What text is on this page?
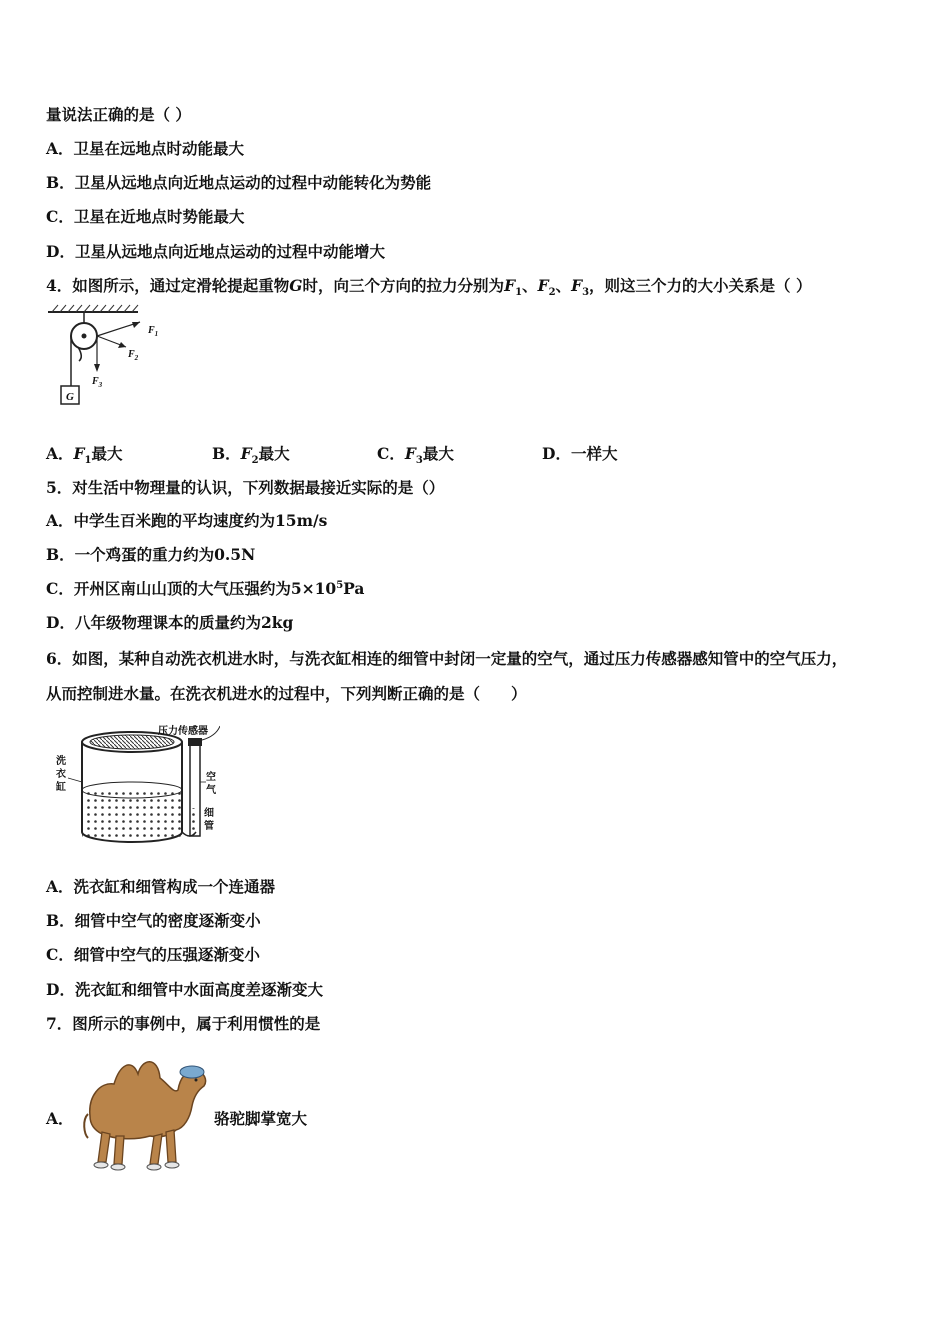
量说法正确的是（ ）
A．卫星在远地点时动能最大
B．卫星从远地点向近地点运动的过程中动能转化为势能
C．卫星在近地点时势能最大
D．卫星从远地点向近地点运动的过程中动能增大
4．如图所示，通过定滑轮提起重物G时，向三个方向的拉力分别为$F_1$、$F_2$、$F_3$，则这三个力的大小关系是（ ）
G
$F_1$
$F_2$
$F_3$
A．$F_1$最大	B．$F_2$最大	C．$F_3$最大	D．一样大
5．对生活中物理量的认识，下列数据最接近实际的是（）
A．中学生百米跑的平均速度约为15m/s
B．一个鸡蛋的重力约为0.5N
C．开州区南山山顶的大气压强约为$5\times 10^5Pa$
D．八年级物理课本的质量约为2kg
6．如图，某种自动洗衣机进水时，与洗衣缸相连的细管中封闭一定量的空气，通过压力传感器感知管中的空气压力，
从而控制进水量。在洗衣机进水的过程中，下列判断正确的是（　　）
压力传感器
洗
衣
缸
空
气
细
管
A．洗衣缸和细管构成一个连通器
B．细管中空气的密度逐渐变小
C．细管中空气的压强逐渐变小
D．洗衣缸和细管中水面高度差逐渐变大
7．图所示的事例中，属于利用惯性的是
A．	骆驼脚掌宽大
